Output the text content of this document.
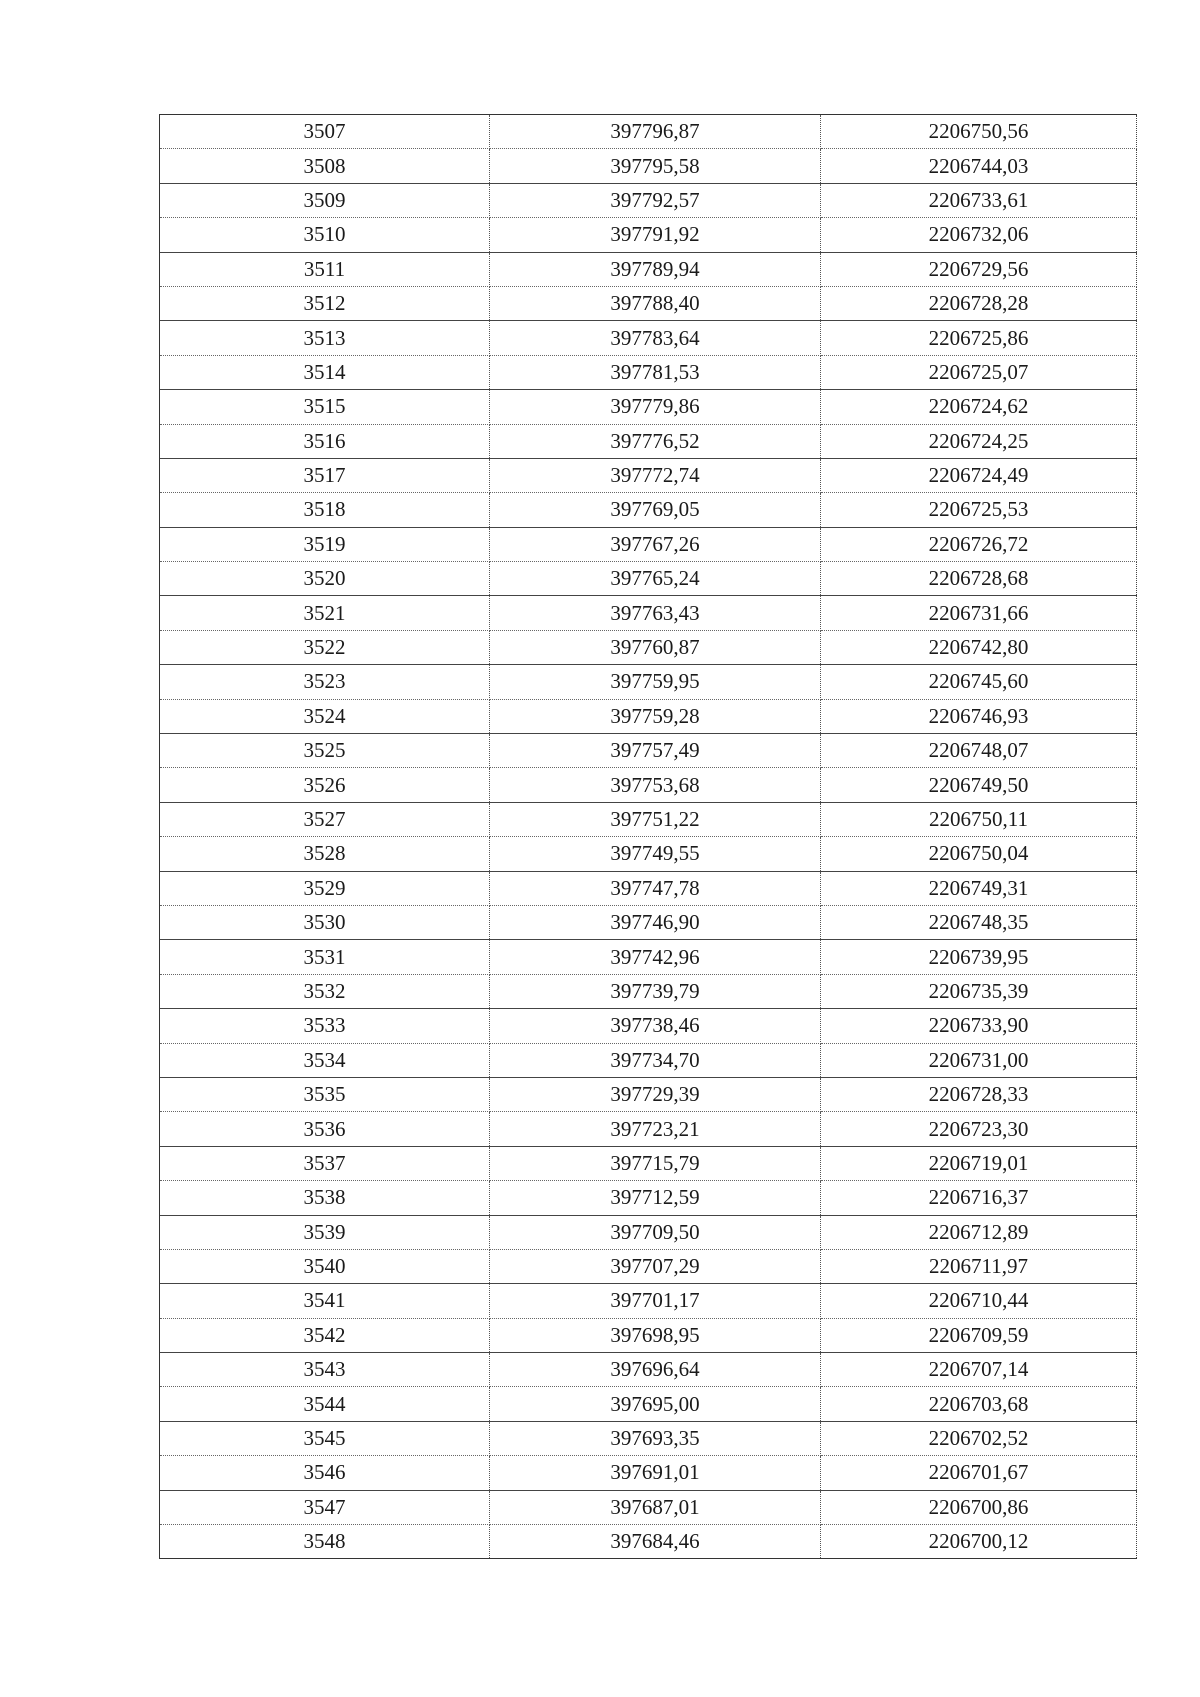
3507	397796,87	2206750,56
3508	397795,58	2206744,03
3509	397792,57	2206733,61
3510	397791,92	2206732,06
3511	397789,94	2206729,56
3512	397788,40	2206728,28
3513	397783,64	2206725,86
3514	397781,53	2206725,07
3515	397779,86	2206724,62
3516	397776,52	2206724,25
3517	397772,74	2206724,49
3518	397769,05	2206725,53
3519	397767,26	2206726,72
3520	397765,24	2206728,68
3521	397763,43	2206731,66
3522	397760,87	2206742,80
3523	397759,95	2206745,60
3524	397759,28	2206746,93
3525	397757,49	2206748,07
3526	397753,68	2206749,50
3527	397751,22	2206750,11
3528	397749,55	2206750,04
3529	397747,78	2206749,31
3530	397746,90	2206748,35
3531	397742,96	2206739,95
3532	397739,79	2206735,39
3533	397738,46	2206733,90
3534	397734,70	2206731,00
3535	397729,39	2206728,33
3536	397723,21	2206723,30
3537	397715,79	2206719,01
3538	397712,59	2206716,37
3539	397709,50	2206712,89
3540	397707,29	2206711,97
3541	397701,17	2206710,44
3542	397698,95	2206709,59
3543	397696,64	2206707,14
3544	397695,00	2206703,68
3545	397693,35	2206702,52
3546	397691,01	2206701,67
3547	397687,01	2206700,86
3548	397684,46	2206700,12
